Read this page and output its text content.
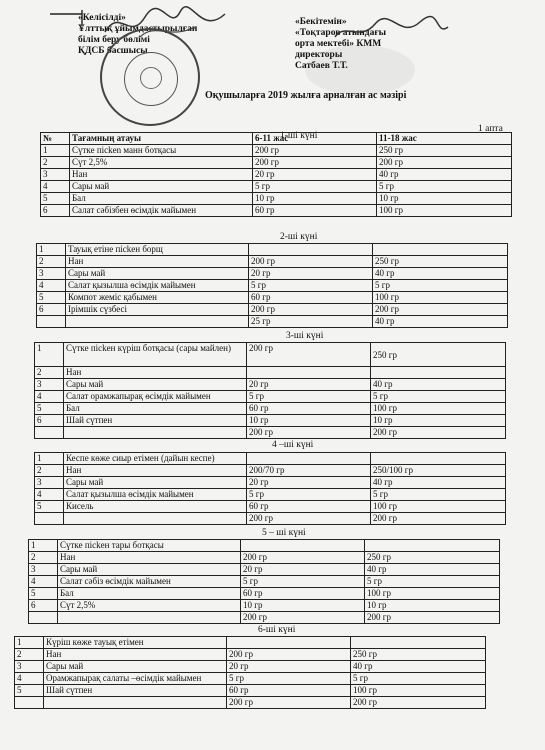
«Келісілді»
Ұлттық ұйымдастырылған
білім беру бөлімі
ҚДСБ басшысы
«Бекітемін»
«Тоқтаров атындағы
орта мектебі» КММ
директоры
Сатбаев Т.Т.
Оқушыларға 2019 жылға арналған ас мәзірі
1 апта
1-ші күні
№	Тағамның атауы	6-11 жас	11-18 жас
1	Сүтке пісken манн ботқасы	200 гр	250 гр
2	Сүт 2,5%	200 гр	200 гр
3	Нан	20 гр	40 гр
4	Сары май	5 гр	5 гр
5	Бал	10 гр	10 гр
6	Салат сәбізбен өсімдік майымен	60 гр	100 гр
2-ші күні
1	Тауық етіне пісkен борщ		
2	Нан	200 гр	250 гр
3	Сары май	20 гр	40 гр
4	Салат қызылша өсімдік майымен	5 гр	5 гр
5	Компот жеміс қабымен	60 гр	100 гр
6	Ірімшік сүзбесі	200 гр	200 гр
		25 гр	40 гр
3-ші күні
1	Сүтке пісkен күріш ботқасы (сары майлен)	200 гр	250 гр
2	Нан		
3	Сары май	20 гр	40 гр
4	Салат орамжапырақ өсімдік майымен	5 гр	5 гр
5	Бал	60 гр	100 гр
6	Шай сүтпен	10 гр	10 гр
		200 гр	200 гр
4 –ші күні
1	Кеспе көже сиыр етімен (дайын кеспе)		
2	Нан	200/70 гр	250/100 гр
3	Сары май	20 гр	40 гр
4	Салат қызылша өсімдік майымен	5 гр	5 гр
5	Кисель	60 гр	100 гр
		200 гр	200 гр
5 – ші күні
1	Сүтке пісkен тары ботқасы		
2	Нан	200 гр	250 гр
3	Сары май	20 гр	40 гр
4	Салат сәбіз өсімдік майымен	5 гр	5 гр
5	Бал	60 гр	100 гр
6	Сүт 2,5%	10 гр	10 гр
		200 гр	200 гр
6-ші күні
1	Күріш көже тауық етімен		
2	Нан	200 гр	250 гр
3	Сары май	20 гр	40 гр
4	Орамжапырақ салаты –өсімдік майымен	5 гр	5 гр
5	Шай сүтпен	60 гр	100 гр
		200 гр	200 гр
